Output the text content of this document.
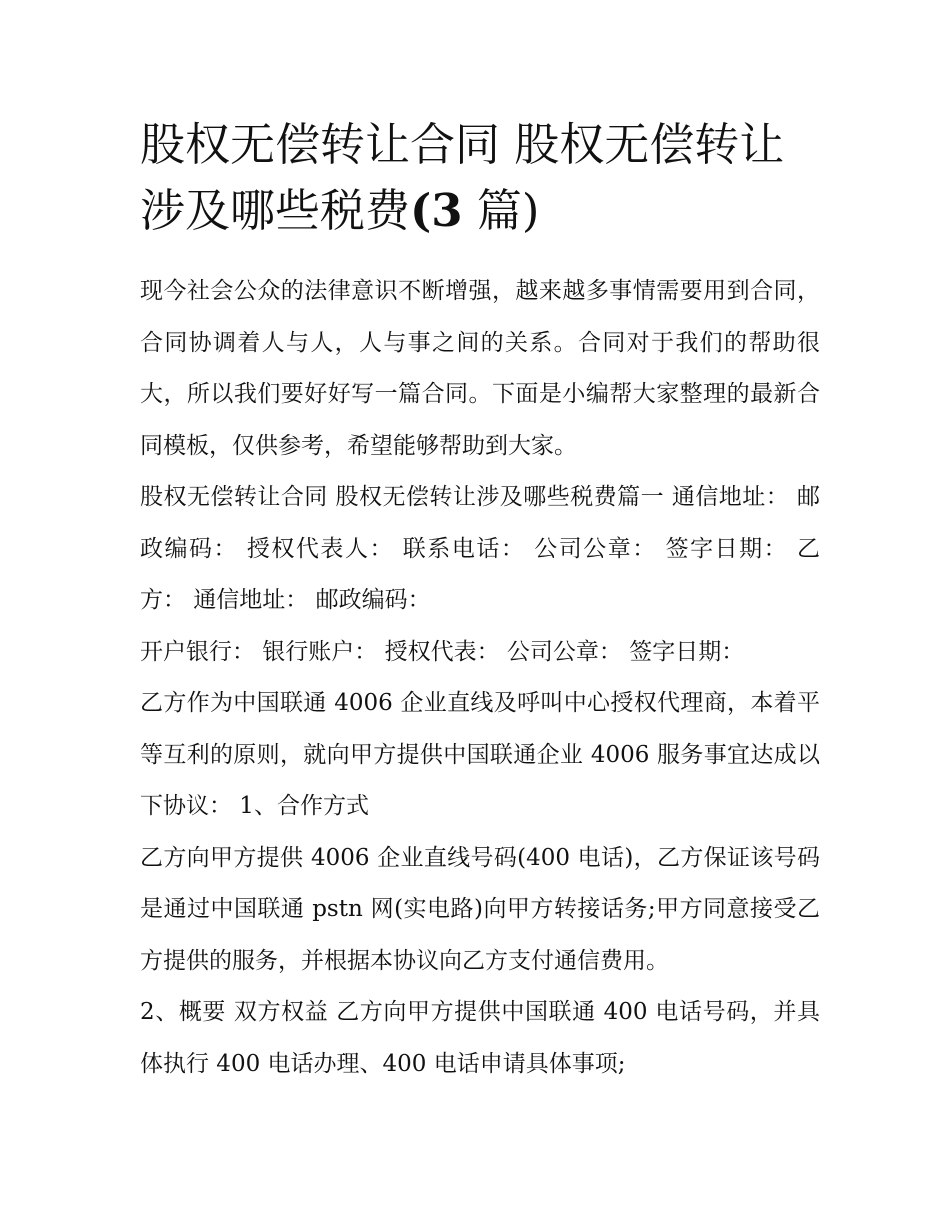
股权无偿转让合同 股权无偿转让涉及哪些税费(3 篇)

现今社会公众的法律意识不断增强，越来越多事情需要用到合同，合同协调着人与人，人与事之间的关系。合同对于我们的帮助很大，所以我们要好好写一篇合同。下面是小编帮大家整理的最新合同模板，仅供参考，希望能够帮助到大家。

股权无偿转让合同 股权无偿转让涉及哪些税费篇一 通信地址： 邮政编码： 授权代表人： 联系电话： 公司公章： 签字日期： 乙方： 通信地址： 邮政编码：

开户银行： 银行账户： 授权代表： 公司公章： 签字日期：

乙方作为中国联通 4006 企业直线及呼叫中心授权代理商，本着平等互利的原则，就向甲方提供中国联通企业 4006 服务事宜达成以下协议： 1、合作方式

乙方向甲方提供 4006 企业直线号码(400 电话)，乙方保证该号码是通过中国联通 pstn 网(实电路)向甲方转接话务;甲方同意接受乙方提供的服务，并根据本协议向乙方支付通信费用。

2、概要 双方权益 乙方向甲方提供中国联通 400 电话号码，并具体执行 400 电话办理、400 电话申请具体事项;
